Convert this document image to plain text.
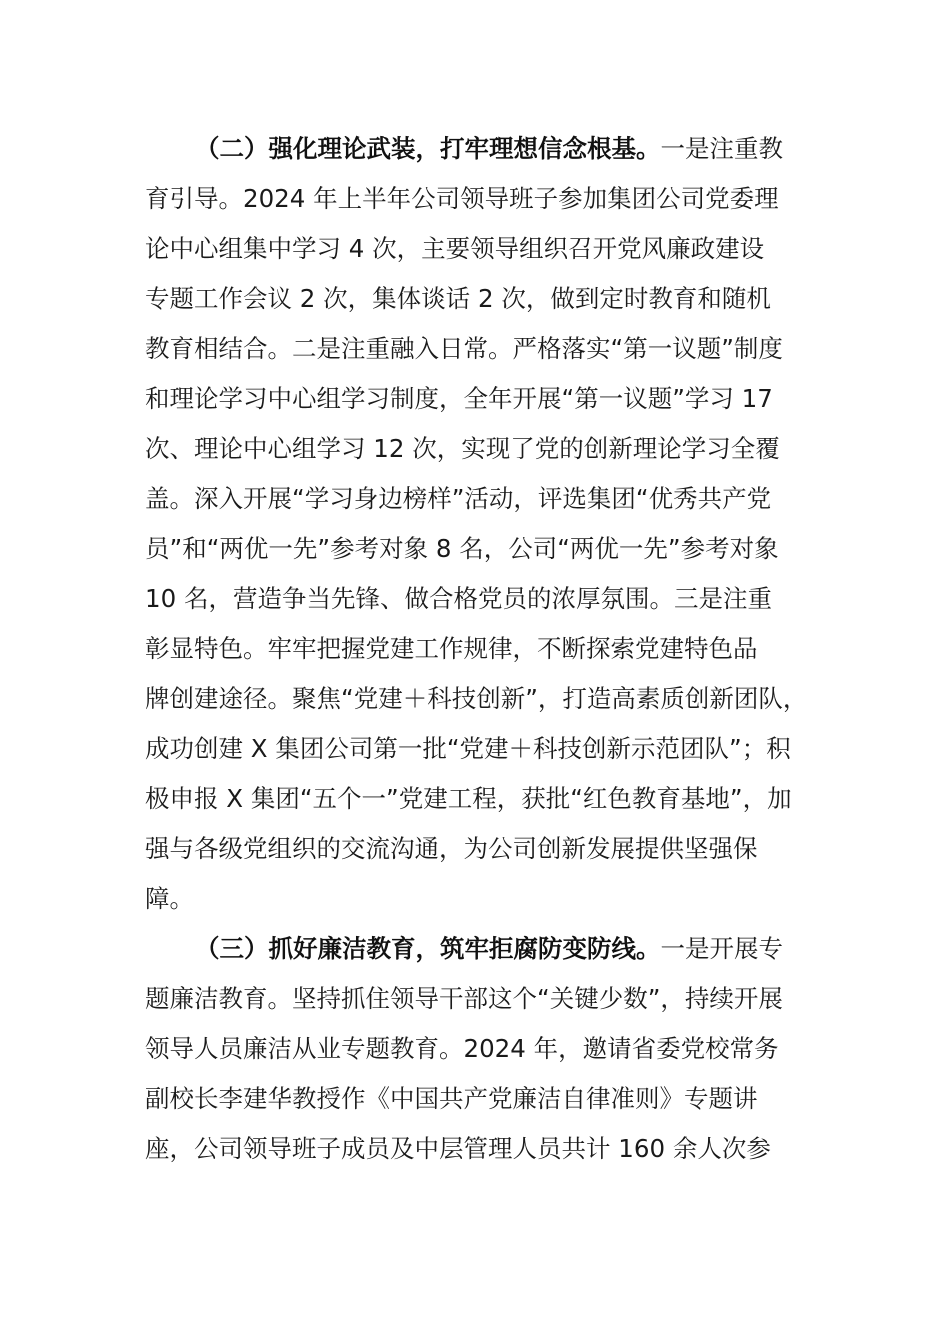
（二）强化理论武装，打牢理想信念根基。一是注重教
育引导。2024 年上半年公司领导班子参加集团公司党委理
论中心组集中学习 4 次，主要领导组织召开党风廉政建设
专题工作会议 2 次，集体谈话 2 次，做到定时教育和随机
教育相结合。二是注重融入日常。严格落实“第一议题”制度
和理论学习中心组学习制度，全年开展“第一议题”学习 17
次、理论中心组学习 12 次，实现了党的创新理论学习全覆
盖。深入开展“学习身边榜样”活动，评选集团“优秀共产党
员”和“两优一先”参考对象 8 名，公司“两优一先”参考对象
10 名，营造争当先锋、做合格党员的浓厚氛围。三是注重
彰显特色。牢牢把握党建工作规律，不断探索党建特色品
牌创建途径。聚焦“党建＋科技创新”，打造高素质创新团队，
成功创建 X 集团公司第一批“党建＋科技创新示范团队”；积
极申报 X 集团“五个一”党建工程，获批“红色教育基地”，加
强与各级党组织的交流沟通，为公司创新发展提供坚强保
障。
（三）抓好廉洁教育，筑牢拒腐防变防线。一是开展专
题廉洁教育。坚持抓住领导干部这个“关键少数”，持续开展
领导人员廉洁从业专题教育。2024 年，邀请省委党校常务
副校长李建华教授作《中国共产党廉洁自律准则》专题讲
座，公司领导班子成员及中层管理人员共计 160 余人次参
